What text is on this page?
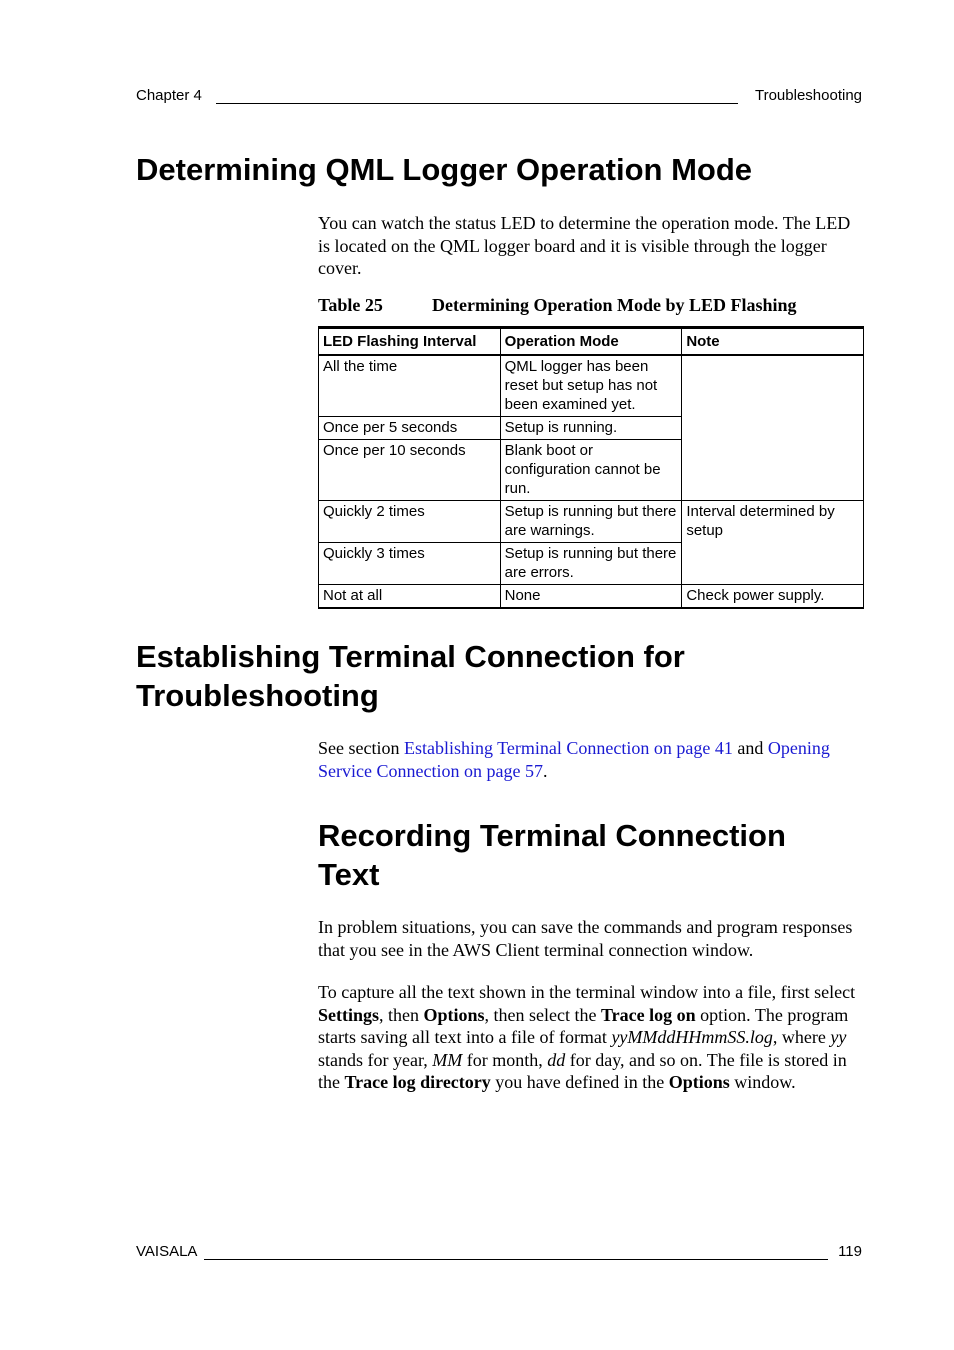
Chapter 4	Troubleshooting
Determining QML Logger Operation Mode

You can watch the status LED to determine the operation mode. The LED is located on the QML logger board and it is visible through the logger cover.

Table 25	Determining Operation Mode by LED Flashing
LED Flashing Interval	Operation Mode	Note
All the time	QML logger has been reset but setup has not been examined yet.	
Once per 5 seconds	Setup is running.	
Once per 10 seconds	Blank boot or configuration cannot be run.	
Quickly 2 times	Setup is running but there are warnings.	Interval determined by setup
Quickly 3 times	Setup is running but there are errors.	
Not at all	None	Check power supply.
Establishing Terminal Connection for
Troubleshooting

See section Establishing Terminal Connection on page 41 and Opening
Service Connection on page 57.

Recording Terminal Connection
Text

In problem situations, you can save the commands and program responses that you see in the AWS Client terminal connection window.

To capture all the text shown in the terminal window into a file, first select Settings, then Options, then select the Trace log on option. The program starts saving all text into a file of format yyMMddHHmmSS.log, where yy stands for year, MM for month, dd for day, and so on. The file is stored in the Trace log directory you have defined in the Options window.

VAISALA	119
